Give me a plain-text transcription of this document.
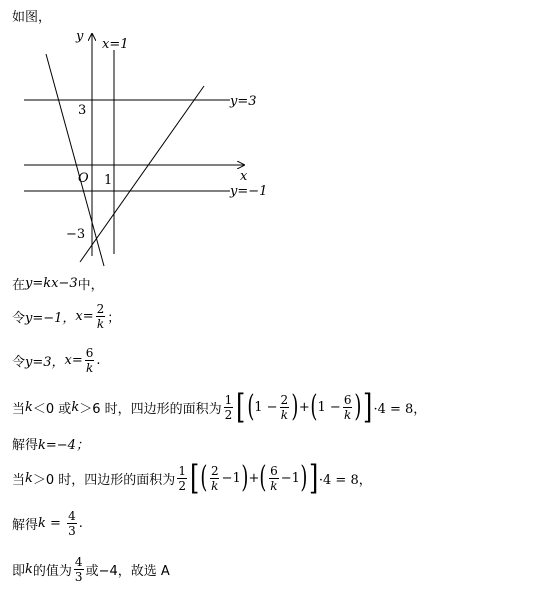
如图，
y
x
x=1
y=3
y=−1
3
−3
1
O
在 y=kx−3 中，
令 y=−1， $x= \frac{2}{k}$ ；
令 y=3， $x= \frac{6}{k}$ .
当 k ＜0 或 k ＞6 时，四边形的面积为 $\frac{1}{2}$ [ ( $1 - \frac{2}{k}$ ) + ( $1 - \frac{6}{k}$ ) ] ·4 = 8，
解得 k=−4；
当 k ＞0 时，四边形的面积为 $\frac{1}{2}$ [ ( $\frac{2}{k} -1$ ) + ( $\frac{6}{k} -1$ ) ] ·4 = 8，
解得 $k = \frac{4}{3}$ .
即 k 的值为 $\frac{4}{3}$ 或−4，故选 A
